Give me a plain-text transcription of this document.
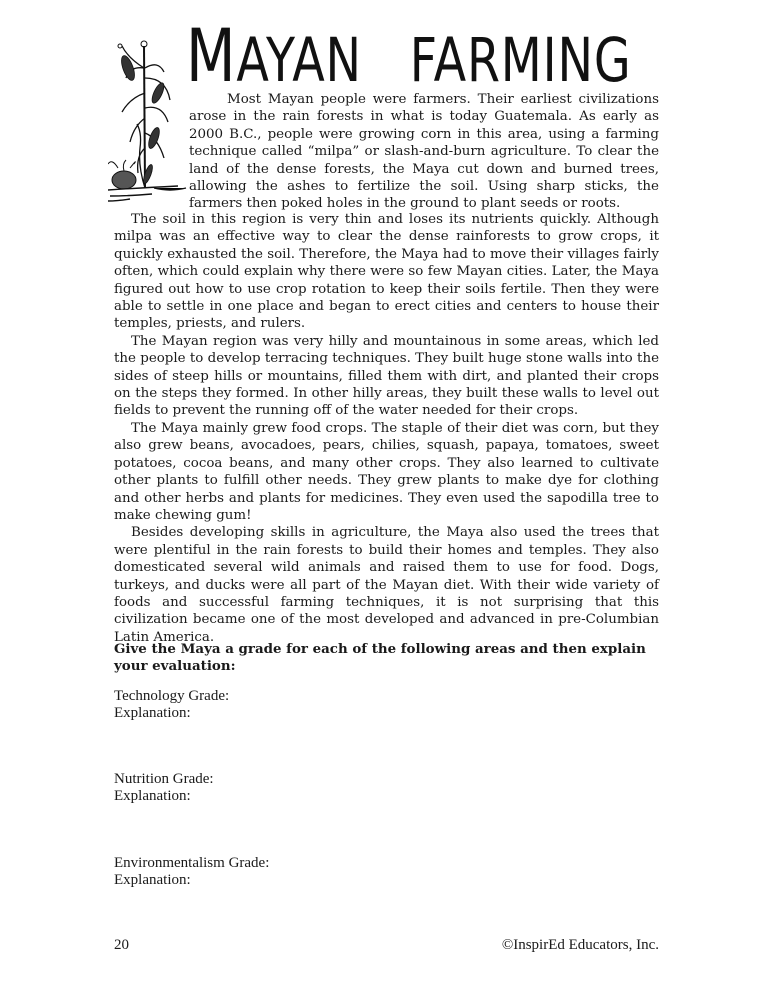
MAYAN FARMING

Most Mayan people were farmers. Their earliest civilizations arose in the rain forests in what is today Guatemala. As early as 2000 B.C., people were growing corn in this area, using a farming technique called “milpa” or slash-and-burn agriculture. To clear the land of the dense forests, the Maya cut down and burned trees, allowing the ashes to fertilize the soil. Using sharp sticks, the farmers then poked holes in the ground to plant seeds or roots.

The soil in this region is very thin and loses its nutrients quickly. Although milpa was an effective way to clear the dense rainforests to grow crops, it quickly exhausted the soil. Therefore, the Maya had to move their villages fairly often, which could explain why there were so few Mayan cities. Later, the Maya figured out how to use crop rotation to keep their soils fertile. Then they were able to settle in one place and began to erect cities and centers to house their temples, priests, and rulers.

The Mayan region was very hilly and mountainous in some areas, which led the people to develop terracing techniques. They built huge stone walls into the sides of steep hills or mountains, filled them with dirt, and planted their crops on the steps they formed. In other hilly areas, they built these walls to level out fields to prevent the running off of the water needed for their crops.

The Maya mainly grew food crops. The staple of their diet was corn, but they also grew beans, avocadoes, pears, chilies, squash, papaya, tomatoes, sweet potatoes, cocoa beans, and many other crops. They also learned to cultivate other plants to fulfill other needs. They grew plants to make dye for clothing and other herbs and plants for medicines. They even used the sapodilla tree to make chewing gum!

Besides developing skills in agriculture, the Maya also used the trees that were plentiful in the rain forests to build their homes and temples. They also domesticated several wild animals and raised them to use for food. Dogs, turkeys, and ducks were all part of the Mayan diet. With their wide variety of foods and successful farming techniques, it is not surprising that this civilization became one of the most developed and advanced in pre-Columbian Latin America.

Give the Maya a grade for each of the following areas and then explain your evaluation:
Technology Grade:
Explanation:
Nutrition Grade:
Explanation:
Environmentalism Grade:
Explanation:
20	©InspirEd Educators, Inc.
